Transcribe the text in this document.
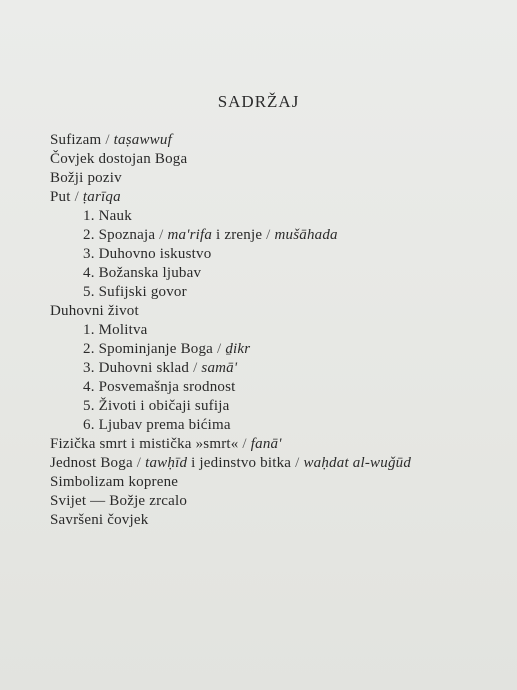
SADRŽAJ
Sufizam / taṣawwuf
Čovjek dostojan Boga
Božji poziv
Put / ṭarīqa
1. Nauk
2. Spoznaja / ma'rifa i zrenje / mušāhada
3. Duhovno iskustvo
4. Božanska ljubav
5. Sufijski govor
Duhovni život
1. Molitva
2. Spominjanje Boga / ḏikr
3. Duhovni sklad / samā'
4. Posvemašnja srodnost
5. Životi i običaji sufija
6. Ljubav prema bićima
Fizička smrt i mistička »smrt« / fanā'
Jednost Boga / tawḥīd i jedinstvo bitka / waḥdat al-wuǧūd
Simbolizam koprene
Svijet — Božje zrcalo
Savršeni čovjek
